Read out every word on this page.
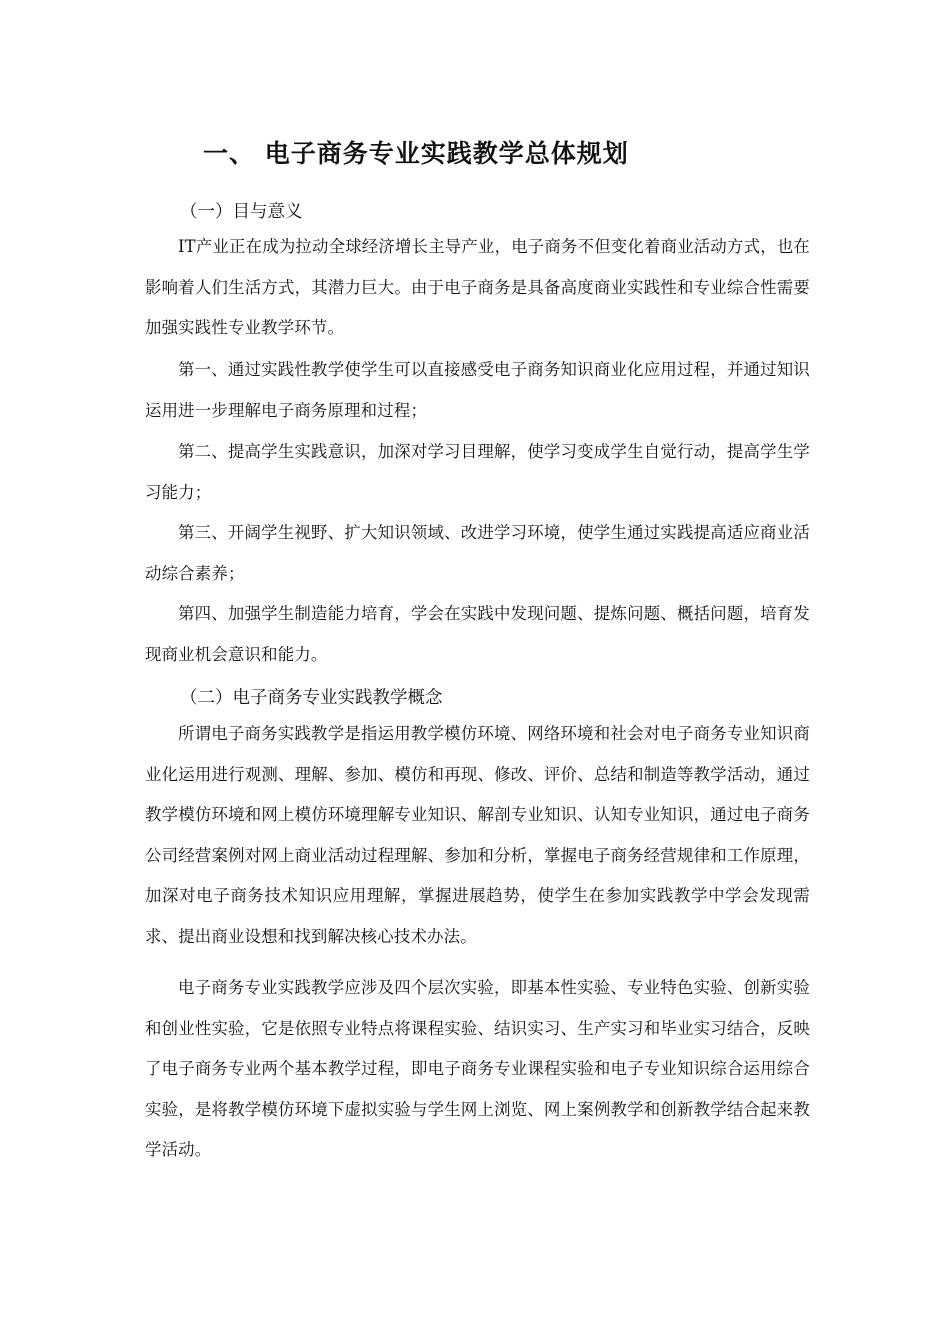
一、 电子商务专业实践教学总体规划
（一）目与意义

IT产业正在成为拉动全球经济增长主导产业，电子商务不但变化着商业活动方式，也在影响着人们生活方式，其潜力巨大。由于电子商务是具备高度商业实践性和专业综合性需要加强实践性专业教学环节。

第一、通过实践性教学使学生可以直接感受电子商务知识商业化应用过程，并通过知识运用进一步理解电子商务原理和过程；

第二、提高学生实践意识，加深对学习目理解，使学习变成学生自觉行动，提高学生学习能力；

第三、开阔学生视野、扩大知识领域、改进学习环境，使学生通过实践提高适应商业活动综合素养；

第四、加强学生制造能力培育，学会在实践中发现问题、提炼问题、概括问题，培育发现商业机会意识和能力。

（二）电子商务专业实践教学概念

所谓电子商务实践教学是指运用教学模仿环境、网络环境和社会对电子商务专业知识商业化运用进行观测、理解、参加、模仿和再现、修改、评价、总结和制造等教学活动，通过教学模仿环境和网上模仿环境理解专业知识、解剖专业知识、认知专业知识，通过电子商务公司经营案例对网上商业活动过程理解、参加和分析，掌握电子商务经营规律和工作原理，加深对电子商务技术知识应用理解，掌握进展趋势，使学生在参加实践教学中学会发现需求、提出商业设想和找到解决核心技术办法。

电子商务专业实践教学应涉及四个层次实验，即基本性实验、专业特色实验、创新实验和创业性实验，它是依照专业特点将课程实验、结识实习、生产实习和毕业实习结合，反映了电子商务专业两个基本教学过程，即电子商务专业课程实验和电子专业知识综合运用综合实验，是将教学模仿环境下虚拟实验与学生网上浏览、网上案例教学和创新教学结合起来教学活动。
